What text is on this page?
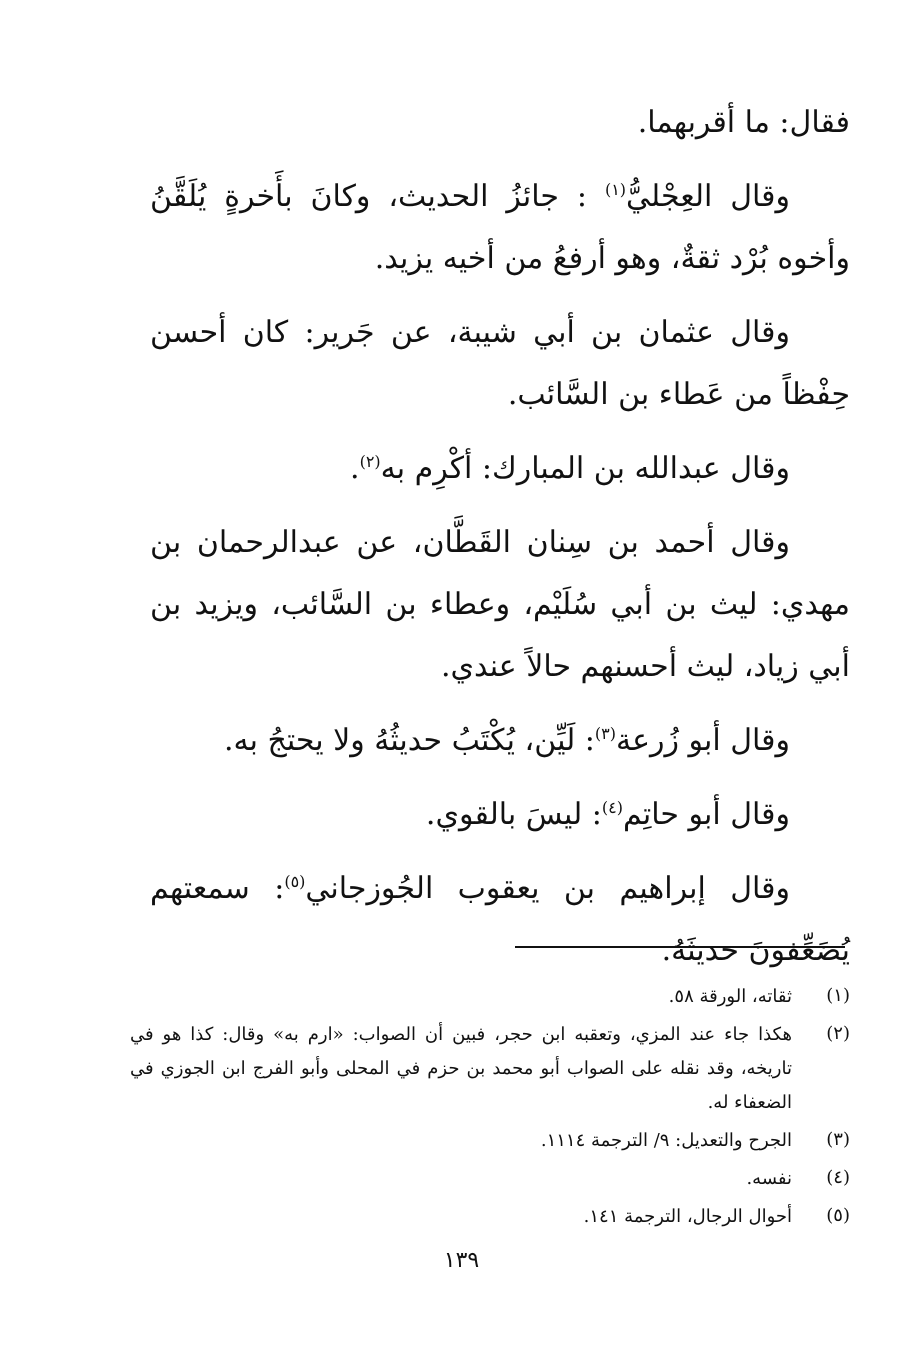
فقال: ما أقربهما.

وقال العِجْليُّ$^{(١)}$ : جائزُ الحديث، وكانَ بأَخرةٍ يُلَقَّنُ وأخوه بُرْد ثقةٌ، وهو أرفعُ من أخيه يزيد.

وقال عثمان بن أبي شيبة، عن جَرير: كان أحسن حِفْظاً من عَطاء بن السَّائب.

وقال عبدالله بن المبارك: أكْرِم به$^{(٢)}$.

وقال أحمد بن سِنان القَطَّان، عن عبدالرحمان بن مهدي: ليث بن أبي سُلَيْم، وعطاء بن السَّائب، ويزيد بن أبي زياد، ليث أحسنهم حالاً عندي.

وقال أبو زُرعة$^{(٣)}$: لَيِّن، يُكْتَبُ حديثُهُ ولا يحتجُ به.

وقال أبو حاتِم$^{(٤)}$: ليسَ بالقوي.

وقال إبراهيم بن يعقوب الجُوزجاني$^{(٥)}$: سمعتهم يُضَعِّفونَ حديثَهُ.

(١)
ثقاته، الورقة ٥٨.
(٢)
هكذا جاء عند المزي، وتعقبه ابن حجر، فبين أن الصواب: «ارم به» وقال: كذا هو في تاريخه، وقد نقله على الصواب أبو محمد بن حزم في المحلى وأبو الفرج ابن الجوزي في الضعفاء له.
(٣)
الجرح والتعديل: ٩/ الترجمة ١١١٤.
(٤)
نفسه.
(٥)
أحوال الرجال، الترجمة ١٤١.
١٣٩
